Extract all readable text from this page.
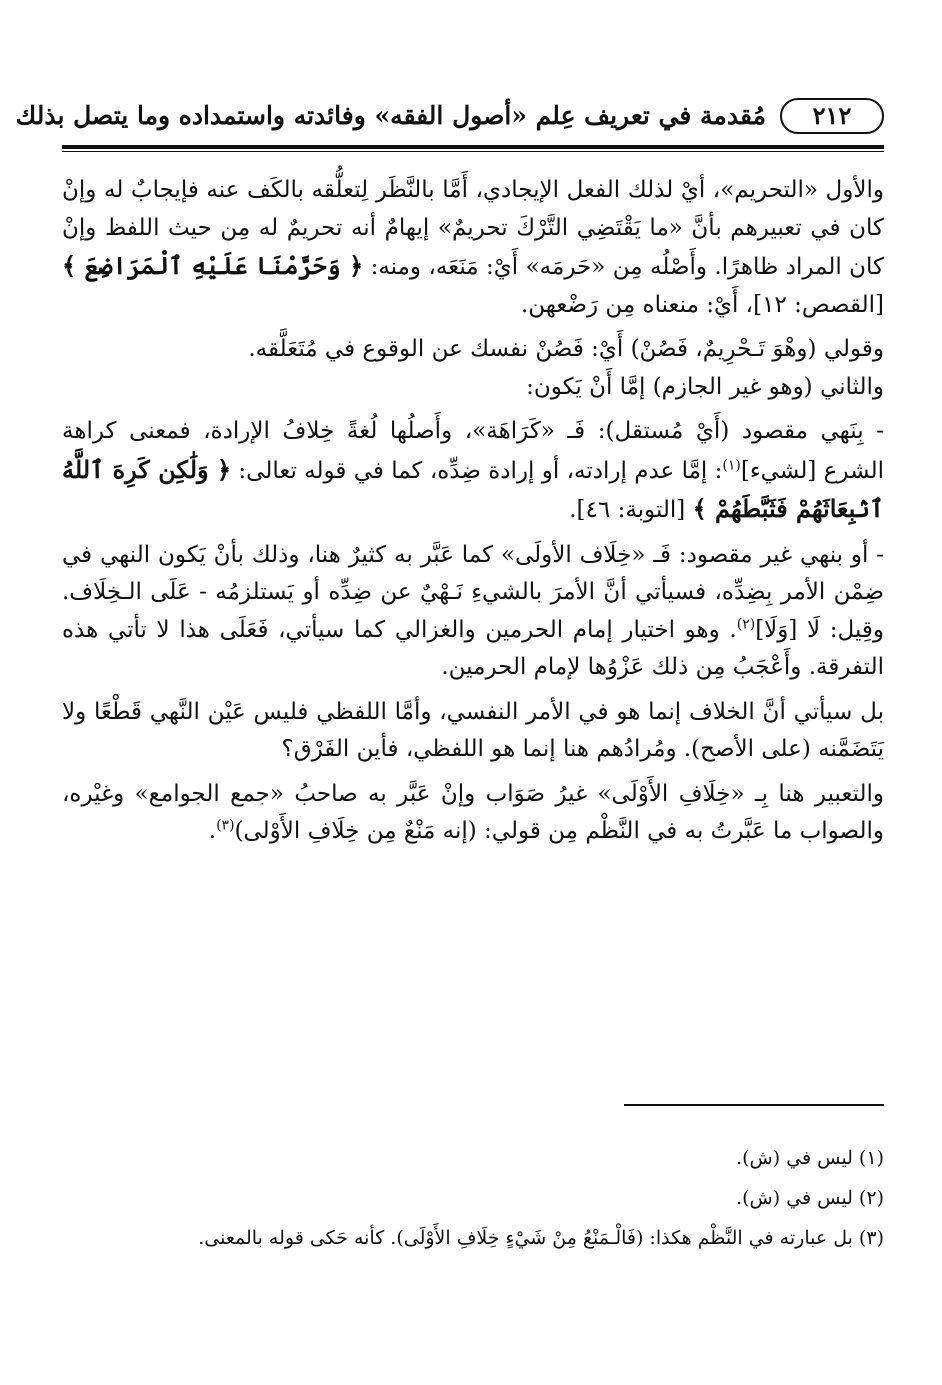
٢١٢
مُقدمة في تعريف عِلم «أصول الفقه» وفائدته واستمداده وما يتصل بذلك

والأول «التحريم»، أيْ لذلك الفعل الإيجادي، أَمَّا بالنَّظَر لِتعلُّقه بالكَف عنه فإيجابٌ له وإنْ كان في تعبيرهم بأنَّ «ما يَقْتَضِي التَّرْكَ تحريمٌ» إيهامٌ أنه تحريمٌ له مِن حيث اللفظ وإنْ كان المراد ظاهرًا. وأَصْلُه مِن «حَرمَه» أَيْ: مَنَعَه، ومنه: ﴿ وَحَرَّمْنَا عَلَيْهِ ٱلْمَرَاضِعَ ﴾ [القصص: ١٢]، أَيْ: منعناه مِن رَضْعهن.

وقولي (وهْوَ تَـحْرِيمٌ، فَصُنْ) أَيْ: فَصُنْ نفسك عن الوقوع في مُتَعَلَّقه.

والثاني (وهو غير الجازم) إمَّا أَنْ يَكون:

- بِنَهي مقصود (أَيْ مُستقل): فَـ «كَرَاهَة»، وأَصلُها لُغةً خِلافُ الإرادة، فمعنى كراهة الشرع [لشيء]$^{(١)}$: إمَّا عدم إرادته، أو إرادة ضِدِّه، كما في قوله تعالى: ﴿ وَلَٰكِن كَرِهَ ٱللَّهُ ٱنۢبِعَاثَهُمْ فَثَبَّطَهُمْ ﴾ [التوبة: ٤٦].

- أو بنهي غير مقصود: فَـ «خِلَاف الأولَى» كما عَبَّر به كثيرٌ هنا، وذلك بأنْ يَكون النهي في ضِمْن الأمر بِضِدِّه، فسيأتي أنَّ الأمرَ بالشيءِ نَـهْيٌ عن ضِدِّه أو يَستلزمُه - عَلَى الـخِلَاف. وقِيل: لَا [وَلَا]$^{(٢)}$. وهو اختيار إمام الحرمين والغزالي كما سيأتي، فَعَلَى هذا لا تأتي هذه التفرقة. وأَعْجَبُ مِن ذلك عَزْوُها لإمام الحرمين.

بل سيأتي أنَّ الخلاف إنما هو في الأمر النفسي، وأمَّا اللفظي فليس عَيْن النَّهي قَطْعًا ولا يَتَضَمَّنه (على الأصح). ومُرادُهم هنا إنما هو اللفظي، فأين الفَرْق؟

والتعبير هنا بِـ «خِلَافِ الأَوْلَى» غيرُ صَوَاب وإنْ عَبَّر به صاحبُ «جمع الجوامع» وغيْره، والصواب ما عَبَّرتُ به في النَّظْم مِن قولي: (إنه مَنْعٌ مِن خِلَافِ الأَوْلى)$^{(٣)}$.

(١) ليس في (ش).

(٢) ليس في (ش).

(٣) بل عبارته في النَّظْم هكذا: (فَالْـمَنْعُ مِنْ شَيْءٍ خِلَافِ الأَوْلَى). كأنه حَكى قوله بالمعنى.
